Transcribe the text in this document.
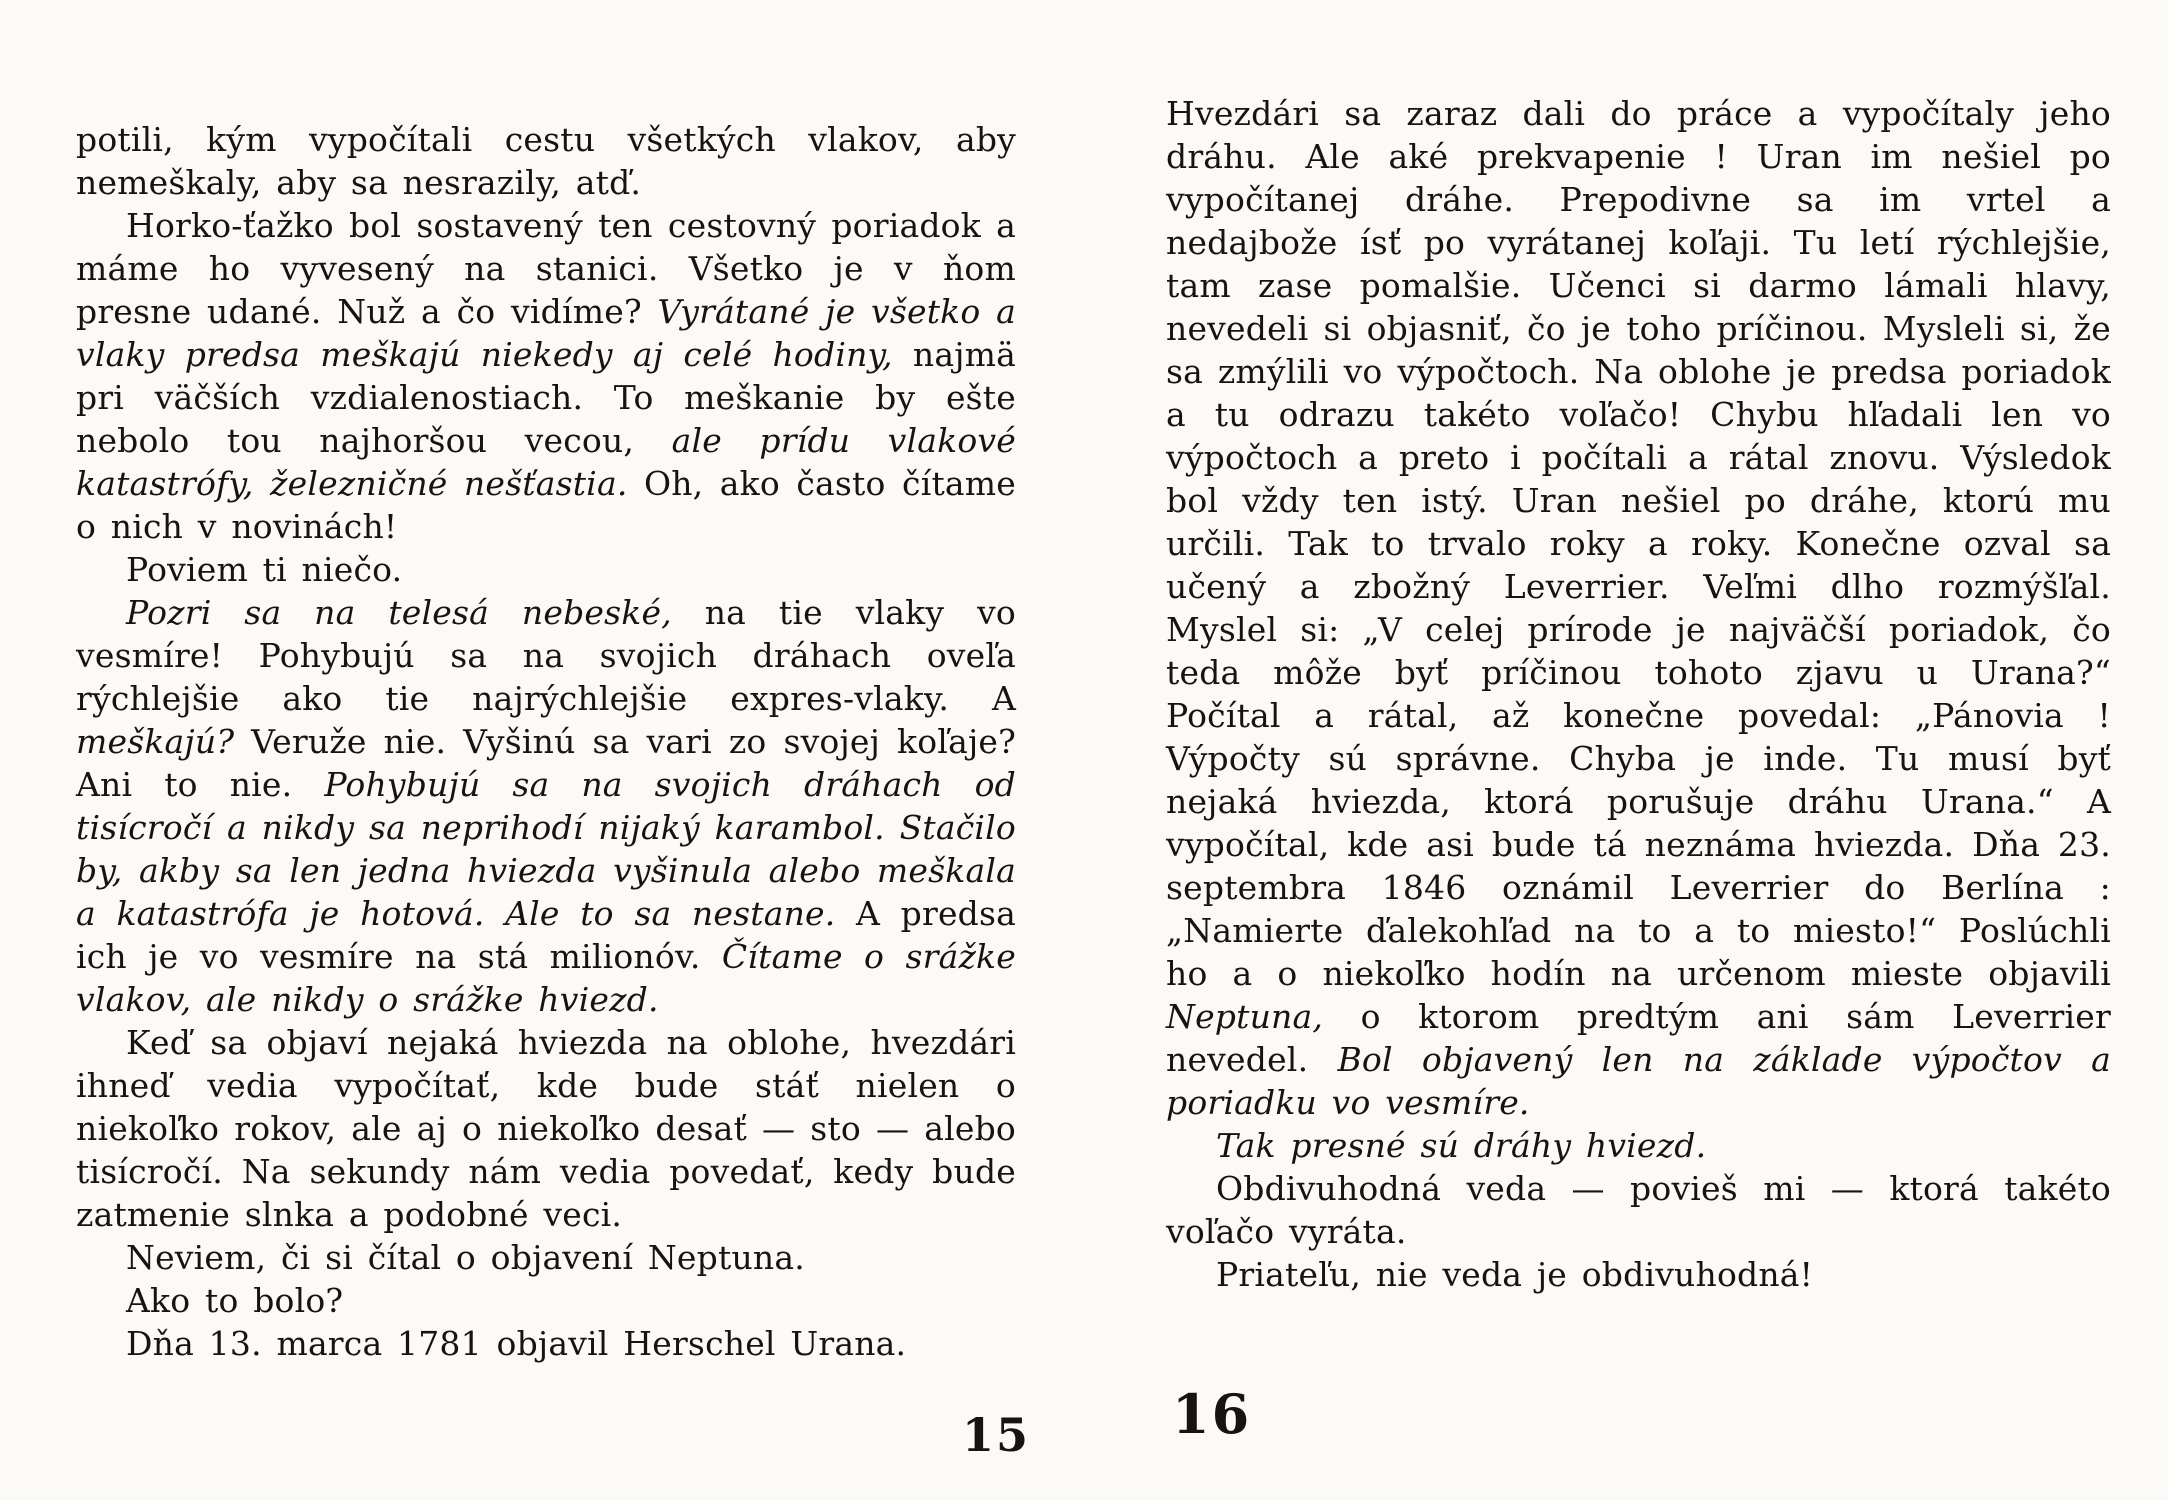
potili, kým vypočítali cestu všetkých vlakov, aby nemeškaly, aby sa nesrazily, atď.

Horko-ťažko bol sostavený ten cestovný poriadok a máme ho vyvesený na stanici. Všetko je v ňom presne udané. Nuž a čo vidíme? Vyrátané je všetko a vlaky predsa meškajú niekedy aj celé hodiny, najmä pri väčších vzdialenostiach. To meškanie by ešte nebolo tou najhoršou vecou, ale prídu vlakové katastrófy, železničné nešťastia. Oh, ako často čítame o nich v novinách!

Poviem ti niečo.

Pozri sa na telesá nebeské, na tie vlaky vo vesmíre! Pohybujú sa na svojich dráhach oveľa rýchlejšie ako tie najrýchlejšie expres-vlaky. A meškajú? Veruže nie. Vyšinú sa vari zo svojej koľaje? Ani to nie. Pohybujú sa na svojich dráhach od tisícročí a nikdy sa neprihodí nijaký karambol. Stačilo by, akby sa len jedna hviezda vyšinula alebo meškala a katastrófa je hotová. Ale to sa nestane. A predsa ich je vo vesmíre na stá milionóv. Čítame o srážke vlakov, ale nikdy o srážke hviezd.

Keď sa objaví nejaká hviezda na oblohe, hvezdári ihneď vedia vypočítať, kde bude stáť nielen o niekoľko rokov, ale aj o niekoľko desať — sto — alebo tisícročí. Na sekundy nám vedia povedať, kedy bude zatmenie slnka a podobné veci.

Neviem, či si čítal o objavení Neptuna.

Ako to bolo?

Dňa 13. marca 1781 objavil Herschel Urana.

Hvezdári sa zaraz dali do práce a vypočítaly jeho dráhu. Ale aké prekvapenie ! Uran im nešiel po vypočítanej dráhe. Prepodivne sa im vrtel a nedajbože ísť po vyrátanej koľaji. Tu letí rýchlejšie, tam zase pomalšie. Učenci si darmo lámali hlavy, nevedeli si objasniť, čo je toho príčinou. Mysleli si, že sa zmýlili vo výpočtoch. Na oblohe je predsa poriadok a tu odrazu takéto voľačo! Chybu hľadali len vo výpočtoch a preto i počítali a rátal znovu. Výsledok bol vždy ten istý. Uran nešiel po dráhe, ktorú mu určili. Tak to trvalo roky a roky. Konečne ozval sa učený a zbožný Leverrier. Veľmi dlho rozmýšľal. Myslel si: „V celej prírode je najväčší poriadok, čo teda môže byť príčinou tohoto zjavu u Urana?“ Počítal a rátal, až konečne povedal: „Pánovia ! Výpočty sú správne. Chyba je inde. Tu musí byť nejaká hviezda, ktorá porušuje dráhu Urana.“ A vypočítal, kde asi bude tá neznáma hviezda. Dňa 23. septembra 1846 oznámil Leverrier do Berlína : „Namierte ďalekohľad na to a to miesto!“ Poslúchli ho a o niekoľko hodín na určenom mieste objavili Neptuna, o ktorom predtým ani sám Leverrier nevedel. Bol objavený len na základe výpočtov a poriadku vo vesmíre.

Tak presné sú dráhy hviezd.

Obdivuhodná veda — povieš mi — ktorá takéto voľačo vyráta.

Priateľu, nie veda je obdivuhodná!

15	16
